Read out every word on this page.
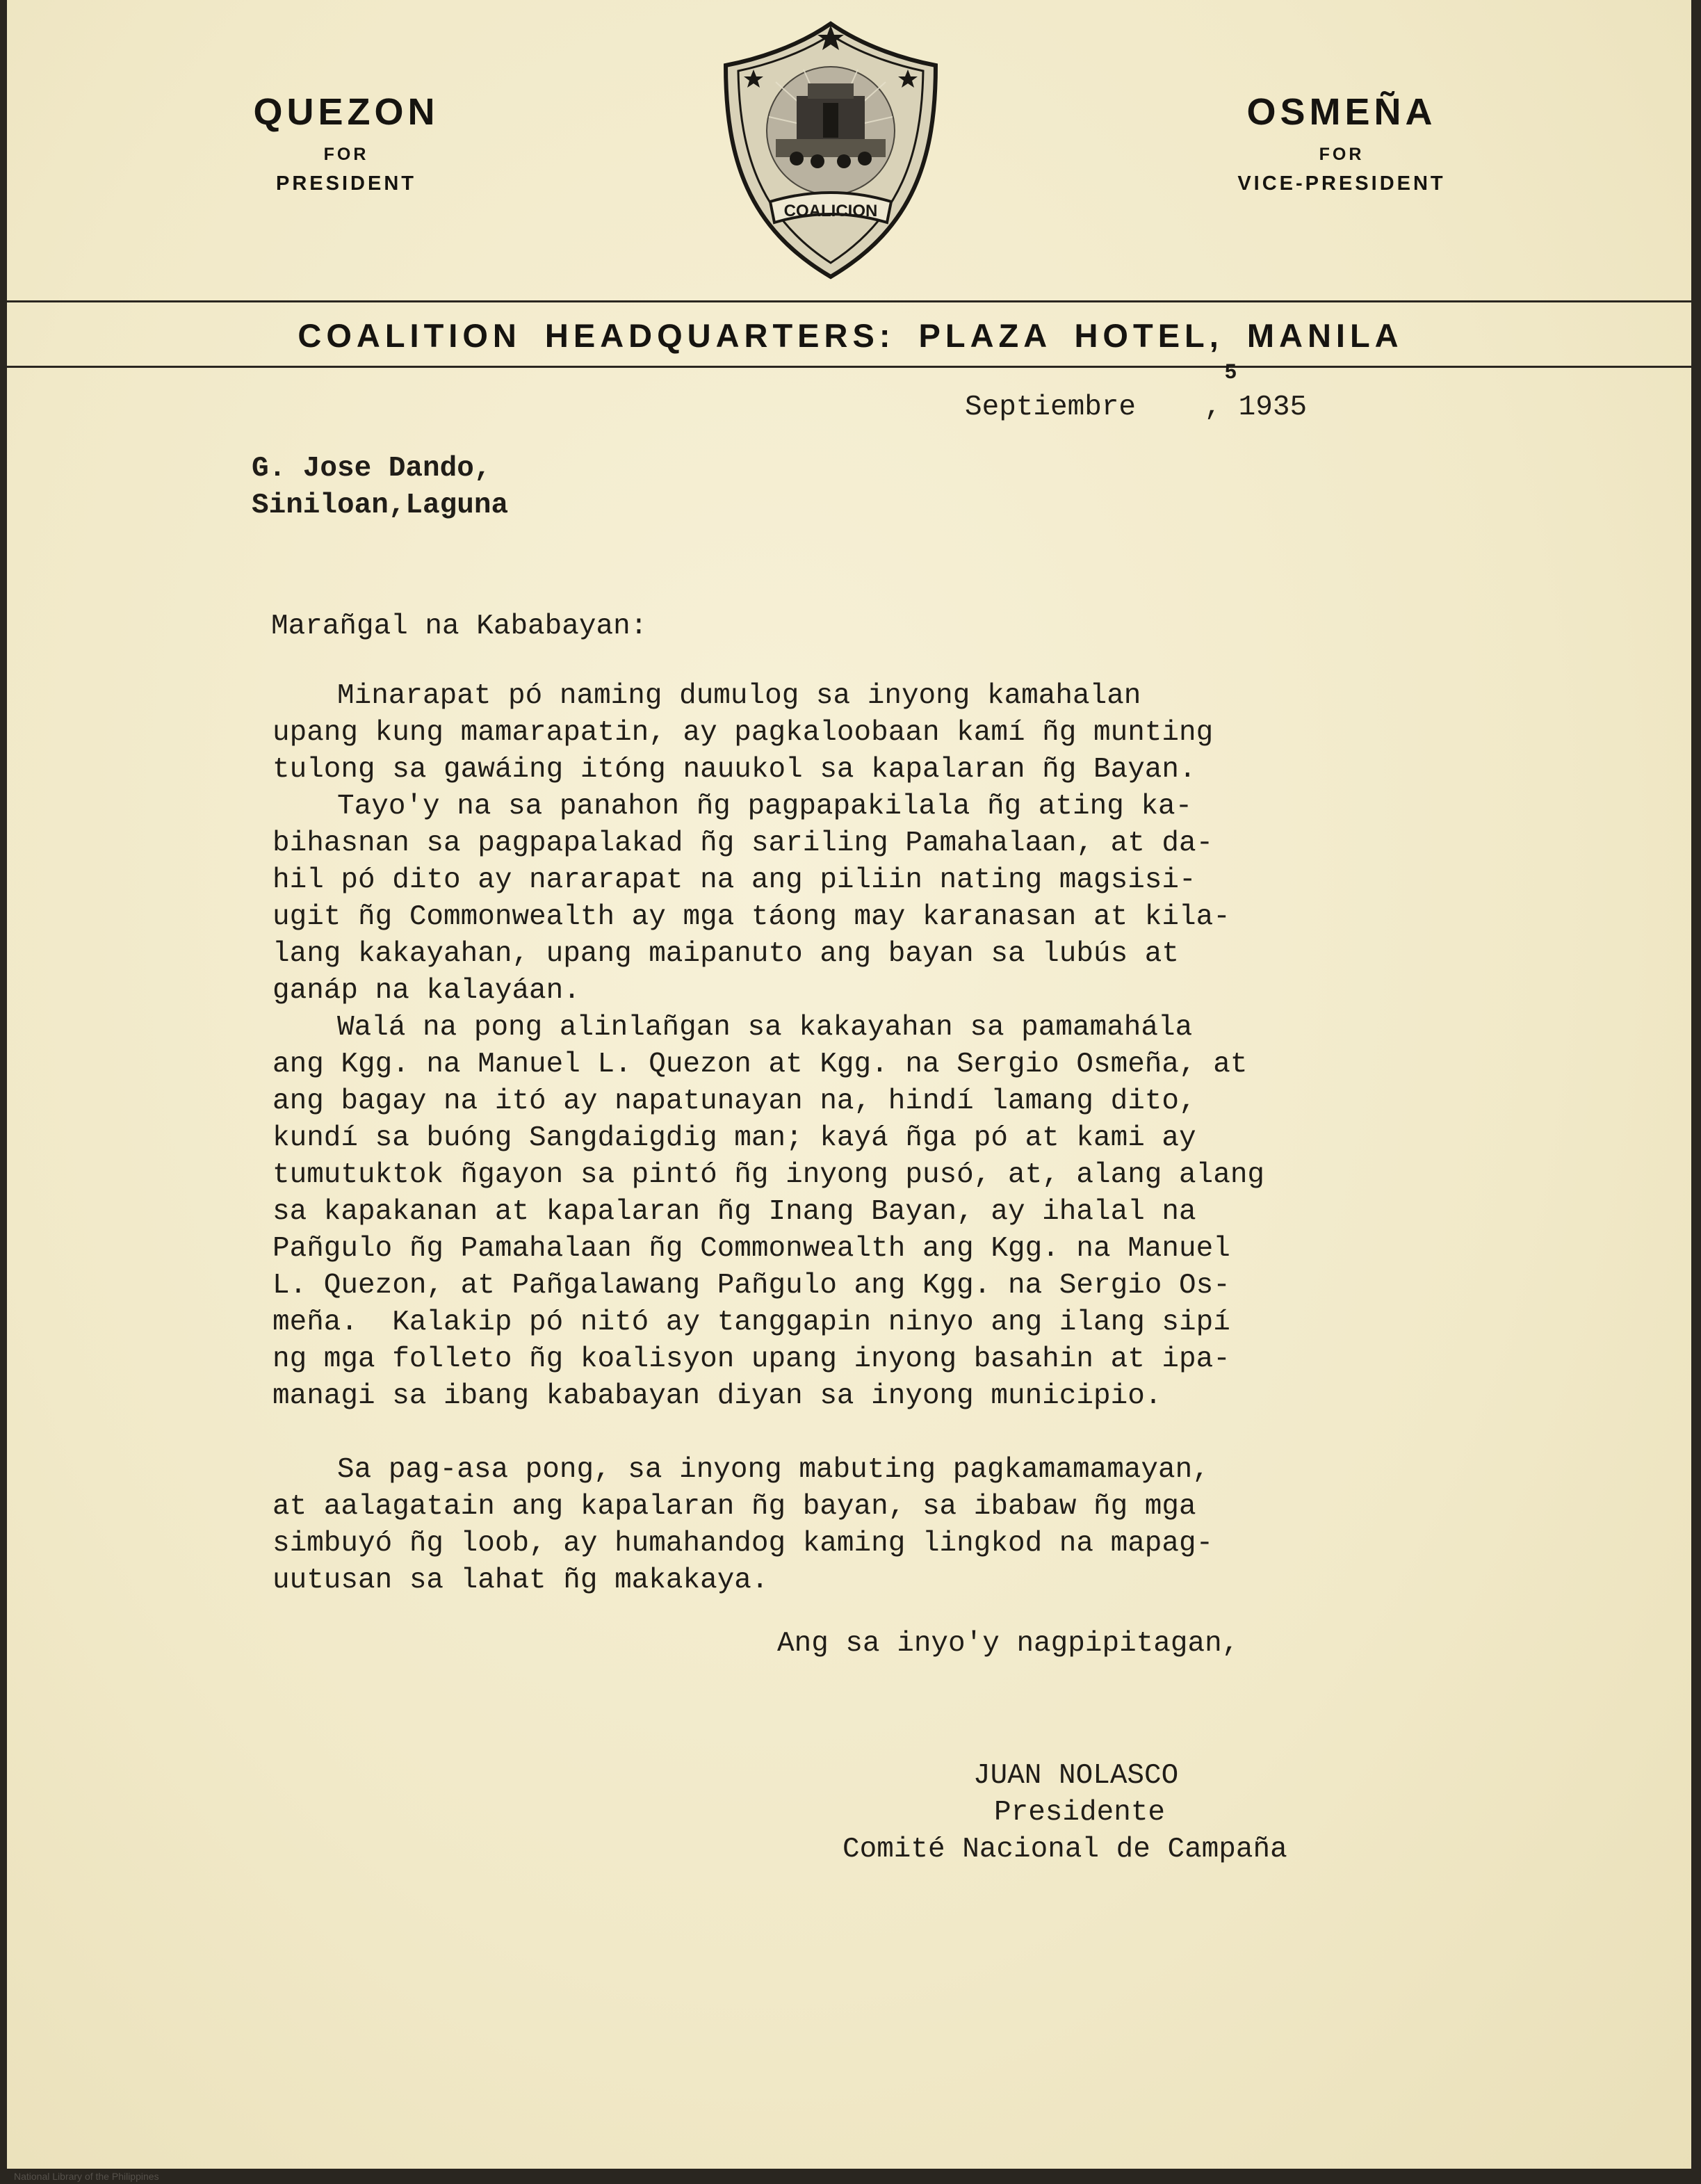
QUEZON
FOR
PRESIDENT
OSMEÑA
FOR
VICE-PRESIDENT
COALICION
COALITION HEADQUARTERS: PLAZA HOTEL, MANILA
Septiembre    , 1935
5
G. Jose Dando,
Siniloan,Laguna
Marañgal na Kababayan:
Minarapat pó naming dumulog sa inyong kamahalan
upang kung mamarapatin, ay pagkaloobaan kamí ñg munting
tulong sa gawáing itóng nauukol sa kapalaran ñg Bayan.
Tayo'y na sa panahon ñg pagpapakilala ñg ating ka-
bihasnan sa pagpapalakad ñg sariling Pamahalaan, at da-
hil pó dito ay nararapat na ang piliin nating magsisi-
ugit ñg Commonwealth ay mga táong may karanasan at kila-
lang kakayahan, upang maipanuto ang bayan sa lubús at
ganáp na kalayáan.
Walá na pong alinlañgan sa kakayahan sa pamamahála
ang Kgg. na Manuel L. Quezon at Kgg. na Sergio Osmeña, at
ang bagay na itó ay napatunayan na, hindí lamang dito,
kundí sa buóng Sangdaigdig man; kayá ñga pó at kami ay
tumutuktok ñgayon sa pintó ñg inyong pusó, at, alang alang
sa kapakanan at kapalaran ñg Inang Bayan, ay ihalal na
Pañgulo ñg Pamahalaan ñg Commonwealth ang Kgg. na Manuel
L. Quezon, at Pañgalawang Pañgulo ang Kgg. na Sergio Os-
meña.  Kalakip pó nitó ay tanggapin ninyo ang ilang sipí
ng mga folleto ñg koalisyon upang inyong basahin at ipa-
managi sa ibang kababayan diyan sa inyong municipio.
Sa pag-asa pong, sa inyong mabuting pagkamamamayan,
at aalagatain ang kapalaran ñg bayan, sa ibabaw ñg mga
simbuyó ñg loob, ay humahandog kaming lingkod na mapag-
uutusan sa lahat ñg makakaya.
Ang sa inyo'y nagpipitagan,
JUAN NOLASCO
Presidente
Comité Nacional de Campaña
National Library of the Philippines
